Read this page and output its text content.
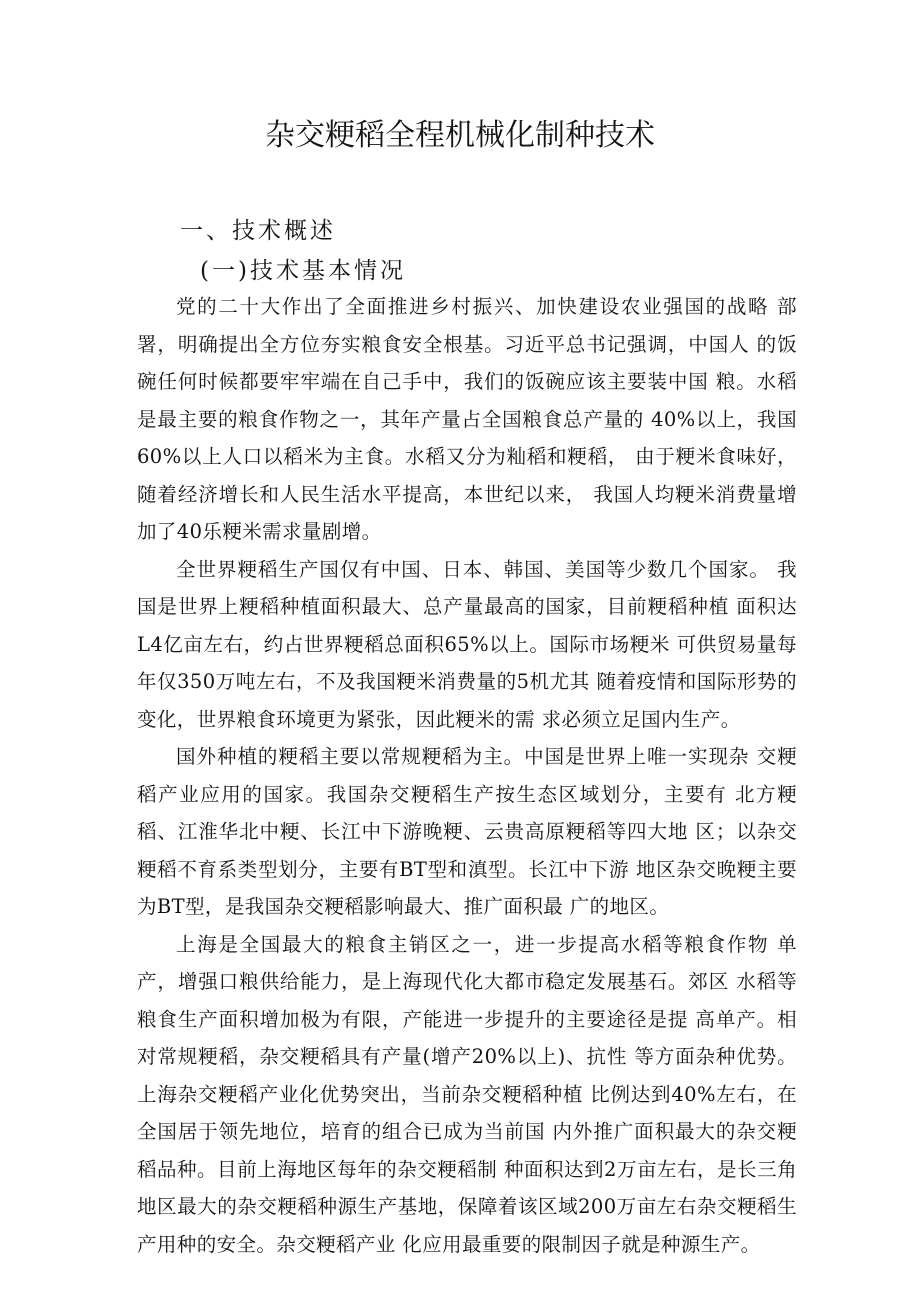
杂交粳稻全程机械化制种技术
一、技术概述
(一)技术基本情况

党的二十大作出了全面推进乡村振兴、加快建设农业强国的战略 部署，明确提出全方位夯实粮食安全根基。习近平总书记强调，中国人 的饭碗任何时候都要牢牢端在自己手中，我们的饭碗应该主要装中国 粮。水稻是最主要的粮食作物之一，其年产量占全国粮食总产量的 40%以上，我国60%以上人口以稻米为主食。水稻又分为籼稻和粳稻， 由于粳米食味好，随着经济增长和人民生活水平提高，本世纪以来， 我国人均粳米消费量增加了40乐粳米需求量剧增。

全世界粳稻生产国仅有中国、日本、韩国、美国等少数几个国家。 我国是世界上粳稻种植面积最大、总产量最高的国家，目前粳稻种植 面积达L4亿亩左右，约占世界粳稻总面积65%以上。国际市场粳米 可供贸易量每年仅350万吨左右，不及我国粳米消费量的5机尤其 随着疫情和国际形势的变化，世界粮食环境更为紧张，因此粳米的需 求必须立足国内生产。

国外种植的粳稻主要以常规粳稻为主。中国是世界上唯一实现杂 交粳稻产业应用的国家。我国杂交粳稻生产按生态区域划分，主要有 北方粳稻、江淮华北中粳、长江中下游晚粳、云贵高原粳稻等四大地 区；以杂交粳稻不育系类型划分，主要有BT型和滇型。长江中下游 地区杂交晚粳主要为BT型，是我国杂交粳稻影响最大、推广面积最 广的地区。

上海是全国最大的粮食主销区之一，进一步提高水稻等粮食作物 单产，增强口粮供给能力，是上海现代化大都市稳定发展基石。郊区 水稻等粮食生产面积增加极为有限，产能进一步提升的主要途径是提 高单产。相对常规粳稻，杂交粳稻具有产量(增产20%以上)、抗性 等方面杂种优势。上海杂交粳稻产业化优势突出，当前杂交粳稻种植 比例达到40%左右，在全国居于领先地位，培育的组合已成为当前国 内外推广面积最大的杂交粳稻品种。目前上海地区每年的杂交粳稻制 种面积达到2万亩左右，是长三角地区最大的杂交粳稻种源生产基地，保障着该区域200万亩左右杂交粳稻生产用种的安全。杂交粳稻产业 化应用最重要的限制因子就是种源生产。
